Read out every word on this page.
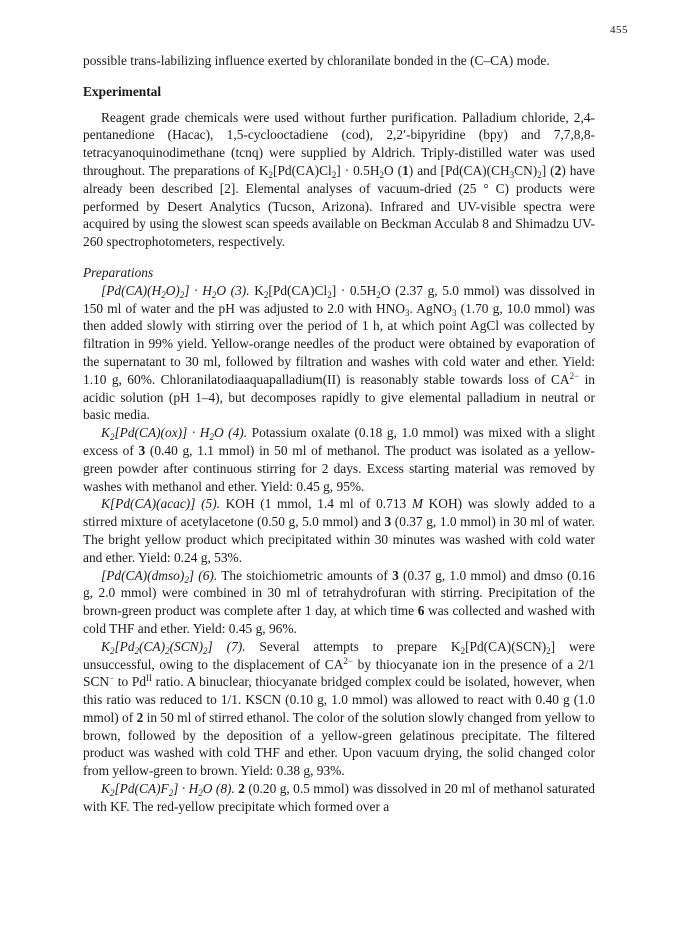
455

possible trans-labilizing influence exerted by chloranilate bonded in the (C–CA) mode.

Experimental

Reagent grade chemicals were used without further purification. Palladium chloride, 2,4-pentanedione (Hacac), 1,5-cyclooctadiene (cod), 2,2′-bipyridine (bpy) and 7,7,8,8-tetracyanoquinodimethane (tcnq) were supplied by Aldrich. Triply-distilled water was used throughout. The preparations of $K_2[Pd(CA)Cl_2] \cdot 0.5H_2O$ (1) and $[Pd(CA)(CH_3CN)_2]$ (2) have already been described [2]. Elemental analyses of vacuum-dried (25 ° C) products were performed by Desert Analytics (Tucson, Arizona). Infrared and UV-visible spectra were acquired by using the slowest scan speeds available on Beckman Acculab 8 and Shimadzu UV-260 spectrophotometers, respectively.

Preparations

$[Pd(CA)(H_2O)_2] \cdot H_2O$ (3). $K_2[Pd(CA)Cl_2] \cdot 0.5H_2O$ (2.37 g, 5.0 mmol) was dissolved in 150 ml of water and the pH was adjusted to 2.0 with $HNO_3$. AgNO$_3$ (1.70 g, 10.0 mmol) was then added slowly with stirring over the period of 1 h, at which point AgCl was collected by filtration in 99% yield. Yellow-orange needles of the product were obtained by evaporation of the supernatant to 30 ml, followed by filtration and washes with cold water and ether. Yield: 1.10 g, 60%. Chloranilatodiaaquapalladium(II) is reasonably stable towards loss of $CA^{2-}$ in acidic solution (pH 1–4), but decomposes rapidly to give elemental palladium in neutral or basic media.

$K_2[Pd(CA)(ox)] \cdot H_2O$ (4). Potassium oxalate (0.18 g, 1.0 mmol) was mixed with a slight excess of 3 (0.40 g, 1.1 mmol) in 50 ml of methanol. The product was isolated as a yellow-green powder after continuous stirring for 2 days. Excess starting material was removed by washes with methanol and ether. Yield: 0.45 g, 95%.

K[Pd(CA)(acac)] (5). KOH (1 mmol, 1.4 ml of 0.713 M KOH) was slowly added to a stirred mixture of acetylacetone (0.50 g, 5.0 mmol) and 3 (0.37 g, 1.0 mmol) in 30 ml of water. The bright yellow product which precipitated within 30 minutes was washed with cold water and ether. Yield: 0.24 g, 53%.

$[Pd(CA)(dmso)_2]$ (6). The stoichiometric amounts of 3 (0.37 g, 1.0 mmol) and dmso (0.16 g, 2.0 mmol) were combined in 30 ml of tetrahydrofuran with stirring. Precipitation of the brown-green product was complete after 1 day, at which time 6 was collected and washed with cold THF and ether. Yield: 0.45 g, 96%.

$K_2[Pd_2(CA)_2(SCN)_2]$ (7). Several attempts to prepare $K_2[Pd(CA)(SCN)_2]$ were unsuccessful, owing to the displacement of $CA^{2-}$ by thiocyanate ion in the presence of a 2/1 SCN− to $Pd^{II}$ ratio. A binuclear, thiocyanate bridged complex could be isolated, however, when this ratio was reduced to 1/1. KSCN (0.10 g, 1.0 mmol) was allowed to react with 0.40 g (1.0 mmol) of 2 in 50 ml of stirred ethanol. The color of the solution slowly changed from yellow to brown, followed by the deposition of a yellow-green gelatinous precipitate. The filtered product was washed with cold THF and ether. Upon vacuum drying, the solid changed color from yellow-green to brown. Yield: 0.38 g, 93%.

$K_2[Pd(CA)F_2] \cdot H_2O$ (8). 2 (0.20 g, 0.5 mmol) was dissolved in 20 ml of methanol saturated with KF. The red-yellow precipitate which formed over a
